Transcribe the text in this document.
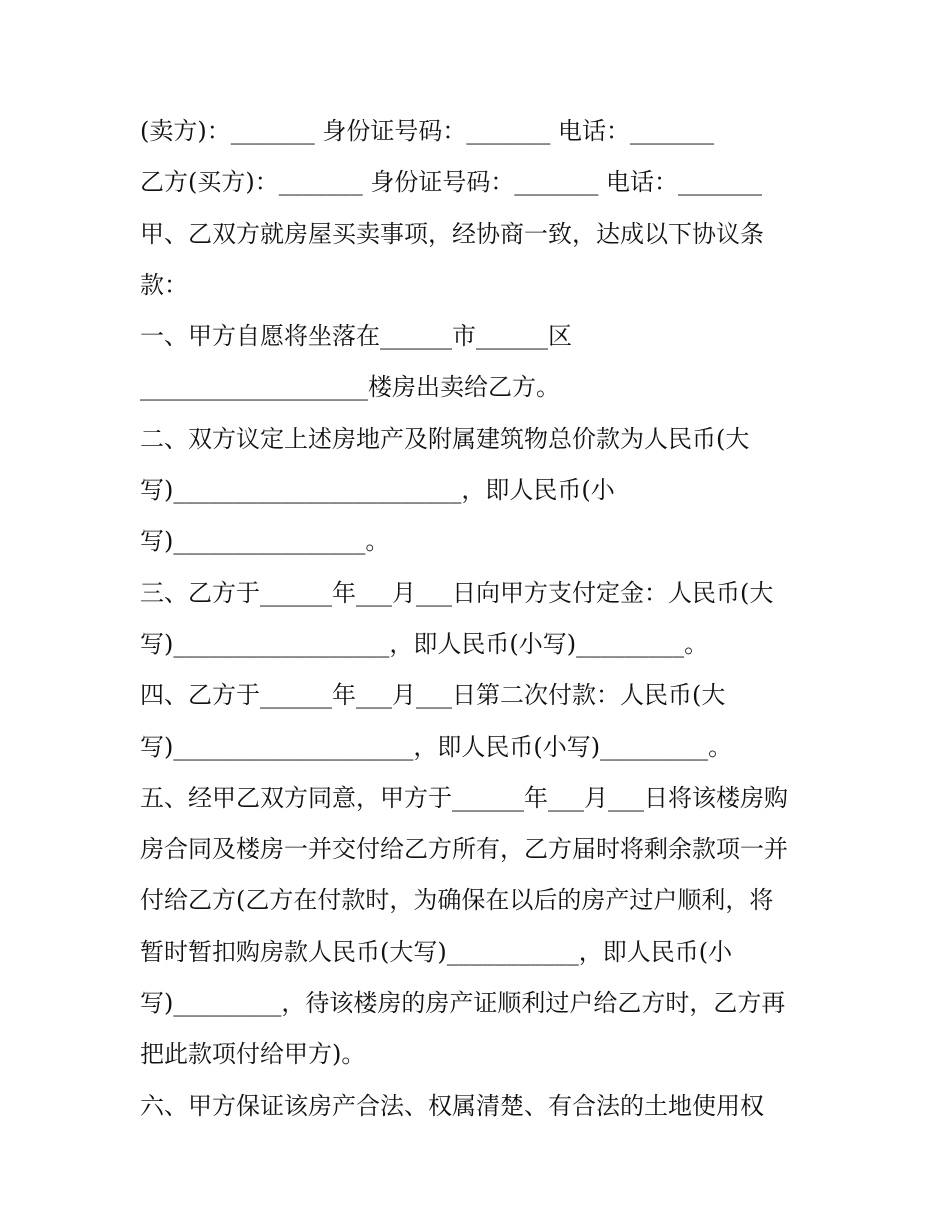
(卖方)：_______ 身份证号码：_______ 电话：_______
乙方(买方)：_______ 身份证号码：_______ 电话：_______
甲、乙双方就房屋买卖事项，经协商一致，达成以下协议条
款：
一、甲方自愿将坐落在______市______区
___________________楼房出卖给乙方。
二、双方议定上述房地产及附属建筑物总价款为人民币(大
写)________________________，即人民币(小
写)________________。
三、乙方于______年___月___日向甲方支付定金：人民币(大
写)__________________，即人民币(小写)_________。
四、乙方于______年___月___日第二次付款：人民币(大
写)____________________，即人民币(小写)_________。
五、经甲乙双方同意，甲方于______年___月___日将该楼房购
房合同及楼房一并交付给乙方所有，乙方届时将剩余款项一并
付给乙方(乙方在付款时，为确保在以后的房产过户顺利，将
暂时暂扣购房款人民币(大写)___________，即人民币(小
写)_________，待该楼房的房产证顺利过户给乙方时，乙方再
把此款项付给甲方)。
六、甲方保证该房产合法、权属清楚、有合法的土地使用权
